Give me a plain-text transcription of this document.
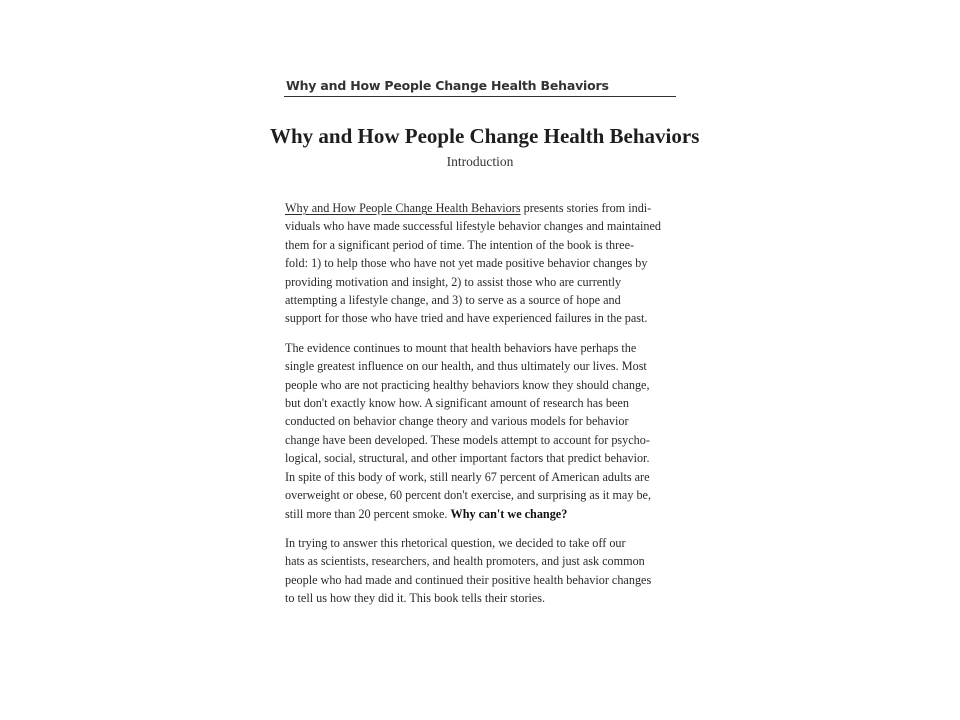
Why and How People Change Health Behaviors
Why and How People Change Health Behaviors
Introduction

Why and How People Change Health Behaviors presents stories from indi-
viduals who have made successful lifestyle behavior changes and maintained
them for a significant period of time. The intention of the book is three-
fold: 1) to help those who have not yet made positive behavior changes by
providing motivation and insight, 2) to assist those who are currently
attempting a lifestyle change, and 3) to serve as a source of hope and
support for those who have tried and have experienced failures in the past.

The evidence continues to mount that health behaviors have perhaps the
single greatest influence on our health, and thus ultimately our lives. Most
people who are not practicing healthy behaviors know they should change,
but don't exactly know how. A significant amount of research has been
conducted on behavior change theory and various models for behavior
change have been developed. These models attempt to account for psycho-
logical, social, structural, and other important factors that predict behavior.
In spite of this body of work, still nearly 67 percent of American adults are
overweight or obese, 60 percent don't exercise, and surprising as it may be,
still more than 20 percent smoke. Why can't we change?

In trying to answer this rhetorical question, we decided to take off our
hats as scientists, researchers, and health promoters, and just ask common
people who had made and continued their positive health behavior changes
to tell us how they did it. This book tells their stories.
